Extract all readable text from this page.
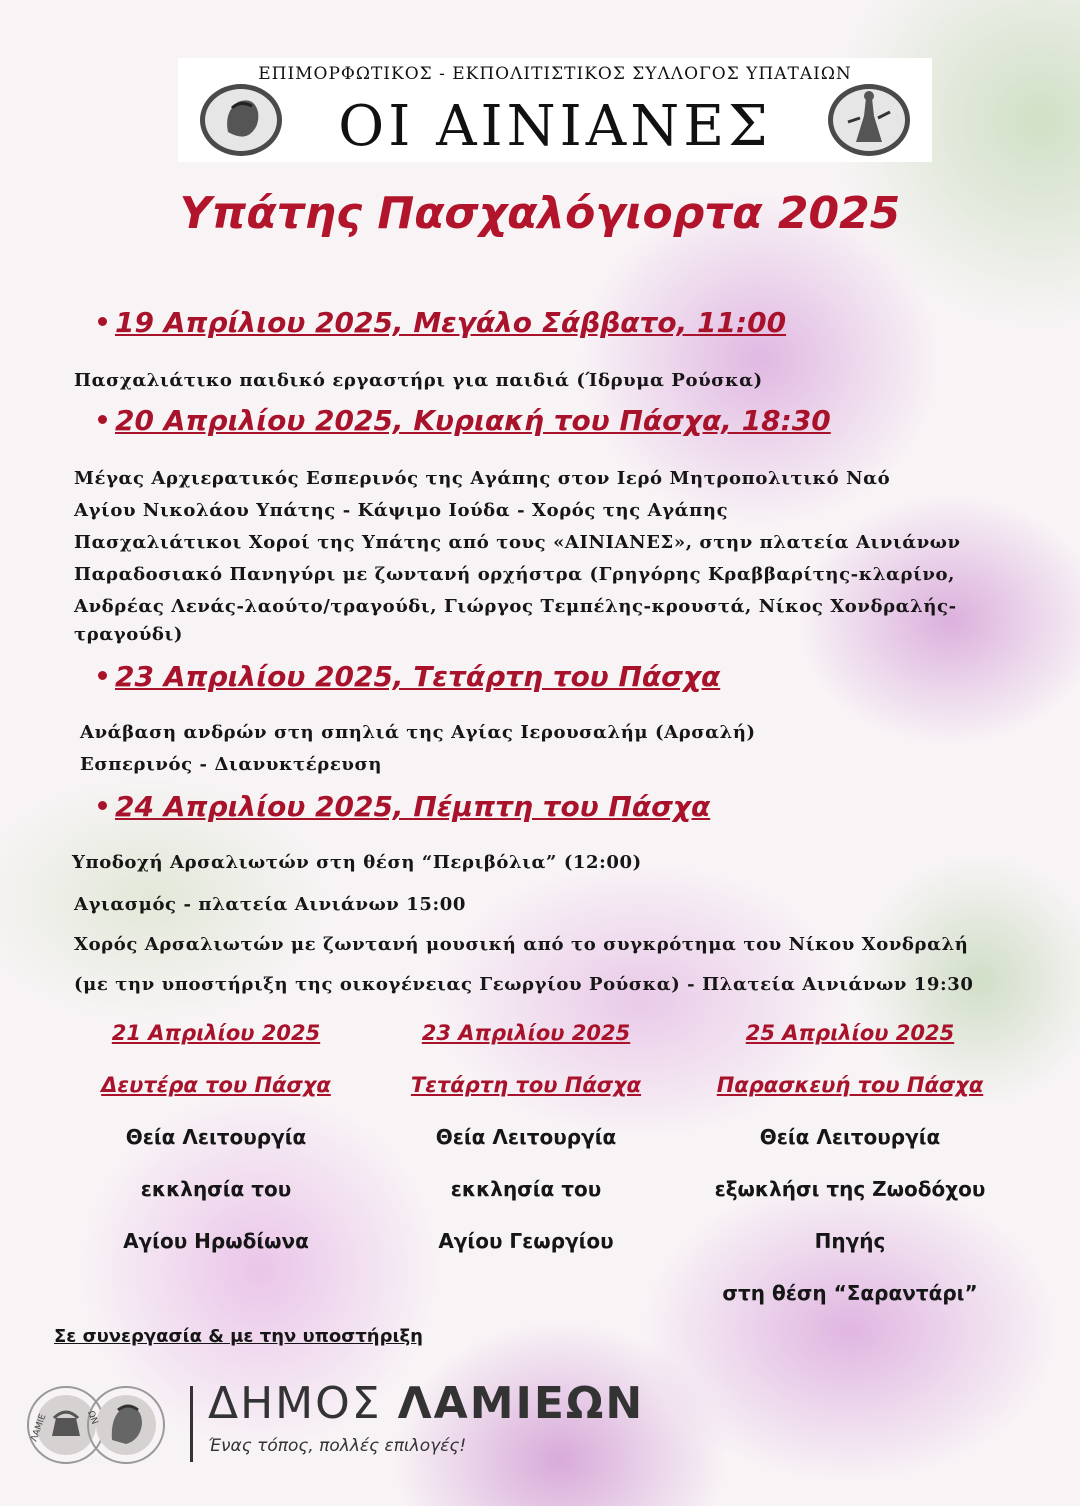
ΕΠΙΜΟΡΦΩΤΙΚΟΣ - ΕΚΠΟΛΙΤΙΣΤΙΚΟΣ ΣΥΛΛΟΓΟΣ ΥΠΑΤΑΙΩΝ
ΟΙ ΑΙΝΙΑΝΕΣ
Υπάτης Πασχαλόγιορτα 2025
19 Απρίλιου 2025, Μεγάλο Σάββατο, 11:00
Πασχαλιάτικο παιδικό εργαστήρι για παιδιά (Ίδρυμα Ρούσκα)
20 Απριλίου 2025, Κυριακή του Πάσχα, 18:30
Μέγας Αρχιερατικός Εσπερινός της Αγάπης στον Ιερό Μητροπολιτικό Ναό
Αγίου Νικολάου Υπάτης - Κάψιμο Ιούδα - Χορός της Αγάπης
Πασχαλιάτικοι Χοροί της Υπάτης από τους «ΑΙΝΙΑΝΕΣ», στην πλατεία Αινιάνων
Παραδοσιακό Πανηγύρι με ζωντανή ορχήστρα (Γρηγόρης Κραββαρίτης-κλαρίνο,
Ανδρέας Λενάς-λαούτο/τραγούδι, Γιώργος Τεμπέλης-κρουστά, Νίκος Χονδραλής-
τραγούδι)
23 Απριλίου 2025, Τετάρτη του Πάσχα
Ανάβαση ανδρών στη σπηλιά της Αγίας Ιερουσαλήμ (Αρσαλή)
Εσπερινός - Διανυκτέρευση
24 Απριλίου 2025, Πέμπτη του Πάσχα
Υποδοχή Αρσαλιωτών στη θέση “Περιβόλια” (12:00)
Αγιασμός - πλατεία Αινιάνων 15:00
Χορός Αρσαλιωτών με ζωντανή μουσική από το συγκρότημα του Νίκου Χονδραλή
(με την υποστήριξη της οικογένειας Γεωργίου Ρούσκα) - Πλατεία Αινιάνων 19:30
21 Απριλίου 2025
Δευτέρα του Πάσχα
Θεία Λειτουργία
εκκλησία του
Αγίου Ηρωδίωνα
23 Απριλίου 2025
Τετάρτη του Πάσχα
Θεία Λειτουργία
εκκλησία του
Αγίου Γεωργίου
25 Απριλίου 2025
Παρασκευή του Πάσχα
Θεία Λειτουργία
εξωκλήσι της Ζωοδόχου
Πηγής
στη θέση “Σαραντάρι”
Σε συνεργασία & με την υποστήριξη
ΛΑΜΙΕ	ΩΝ ΔΗΜΟΣ ΛΑΜΙΕΩΝ
Ένας τόπος, πολλές επιλογές!
